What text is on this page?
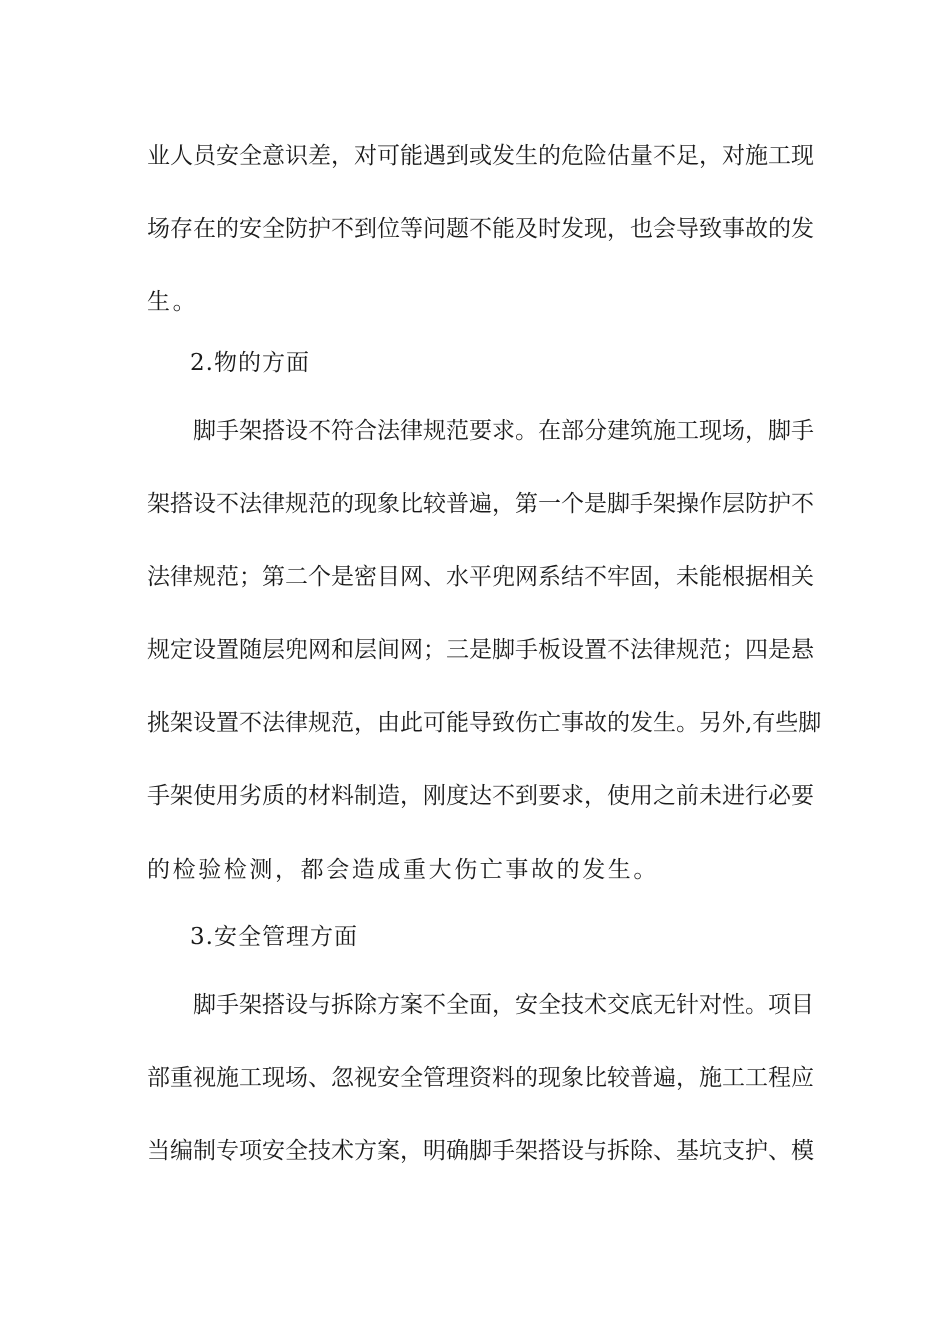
业人员安全意识差，对可能遇到或发生的危险估量不足，对施工现
场存在的安全防护不到位等问题不能及时发现，也会导致事故的发
生。
2.物的方面
脚手架搭设不符合法律规范要求。在部分建筑施工现场，脚手
架搭设不法律规范的现象比较普遍，第一个是脚手架操作层防护不
法律规范；第二个是密目网、水平兜网系结不牢固，未能根据相关
规定设置随层兜网和层间网；三是脚手板设置不法律规范；四是悬
挑架设置不法律规范，由此可能导致伤亡事故的发生。另外,有些脚
手架使用劣质的材料制造，刚度达不到要求，使用之前未进行必要
的检验检测，都会造成重大伤亡事故的发生。
3.安全管理方面
脚手架搭设与拆除方案不全面，安全技术交底无针对性。项目
部重视施工现场、忽视安全管理资料的现象比较普遍，施工工程应
当编制专项安全技术方案，明确脚手架搭设与拆除、基坑支护、模
